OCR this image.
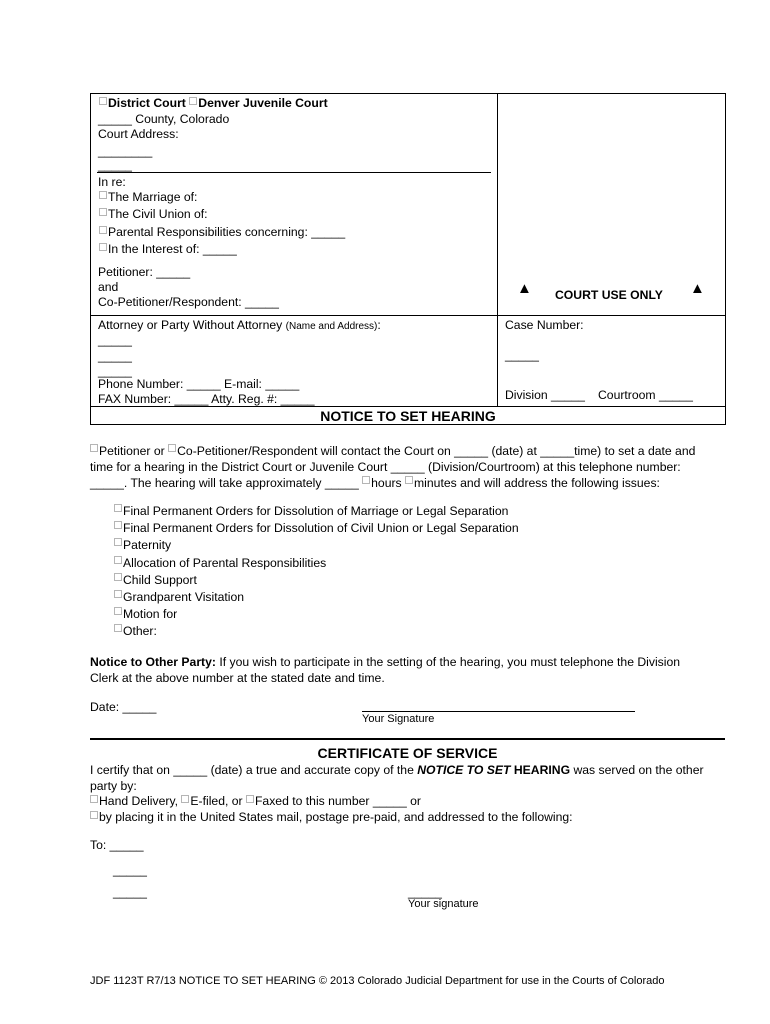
District Court Denver Juvenile Court
_____ County, Colorado
Court Address:
________
_____
In re:
The Marriage of:
The Civil Union of:
Parental Responsibilities concerning: _____
In the Interest of: _____
Petitioner: _____
and
Co-Petitioner/Respondent: _____
▲ COURT USE ONLY ▲
Attorney or Party Without Attorney (Name and Address):
_____
_____
_____
Phone Number: _____ E-mail: _____
FAX Number: _____ Atty. Reg. #: _____
Case Number:
_____
Division _____ Courtroom _____
NOTICE TO SET HEARING
Petitioner or Co-Petitioner/Respondent will contact the Court on _____ (date) at _____time) to set a date and
time for a hearing in the District Court or Juvenile Court _____ (Division/Courtroom) at this telephone number:
_____. The hearing will take approximately _____ hours minutes and will address the following issues:
Final Permanent Orders for Dissolution of Marriage or Legal Separation
Final Permanent Orders for Dissolution of Civil Union or Legal Separation
Paternity
Allocation of Parental Responsibilities
Child Support
Grandparent Visitation
Motion for
Other:
Notice to Other Party: If you wish to participate in the setting of the hearing, you must telephone the Division
Clerk at the above number at the stated date and time.
Date: _____
Your Signature
CERTIFICATE OF SERVICE
I certify that on _____ (date) a true and accurate copy of the NOTICE TO SET HEARING was served on the other
party by:
Hand Delivery, E-filed, or Faxed to this number _____ or
by placing it in the United States mail, postage pre-paid, and addressed to the following:
To: _____
_____
_____	_____
Your signature
JDF 1123T R7/13 NOTICE TO SET HEARING © 2013 Colorado Judicial Department for use in the Courts of Colorado
